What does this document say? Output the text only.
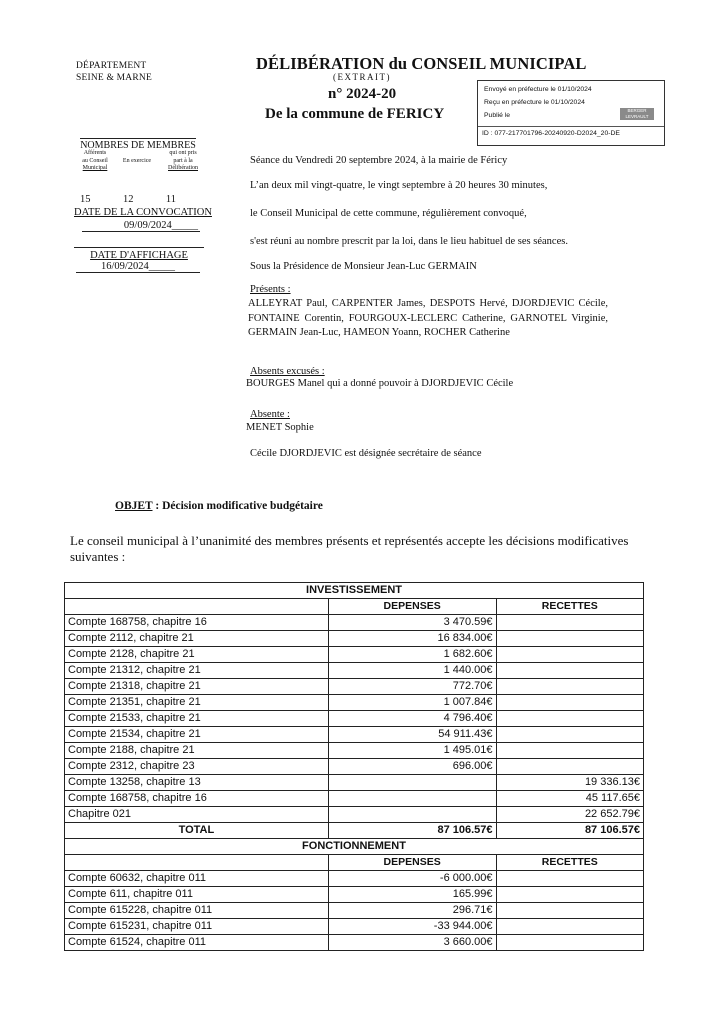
DÉPARTEMENT
SEINE & MARNE
NOMBRES DE MEMBRES
Afférents
au Conseil
Municipal

En exercice
qui ont pris
part à la
Délibération
15	12	11
DATE DE LA CONVOCATION
09/09/2024_____
DATE D'AFFICHAGE
16/09/2024_____
DÉLIBÉRATION du CONSEIL MUNICIPAL
(EXTRAIT)
n° 2024-20
De la commune de FERICY
Envoyé en préfecture le 01/10/2024
Reçu en préfecture le 01/10/2024
Publié le
BERGER LEVRAULT
ID : 077-217701796-20240920-D2024_20-DE
Séance du Vendredi 20 septembre 2024, à la mairie de Féricy
L’an deux mil vingt-quatre, le vingt septembre à 20 heures 30 minutes,
le Conseil Municipal de cette commune, régulièrement convoqué,
s'est réuni au nombre prescrit par la loi, dans le lieu habituel de ses séances.
Sous la Présidence de Monsieur Jean-Luc GERMAIN
Présents :
ALLEYRAT Paul, CARPENTER James, DESPOTS Hervé, DJORDJEVIC Cécile, FONTAINE Corentin, FOURGOUX-LECLERC Catherine, GARNOTEL Virginie, GERMAIN Jean-Luc, HAMEON Yoann, ROCHER Catherine
Absents excusés :
BOURGES Manel qui a donné pouvoir à DJORDJEVIC Cécile
Absente :
MENET Sophie
Cécile DJORDJEVIC est désignée secrétaire de séance
OBJET : Décision modificative budgétaire
Le conseil municipal à l’unanimité des membres présents et représentés accepte les décisions modificatives suivantes :
INVESTISSEMENT		
	DEPENSES	RECETTES
Compte 168758, chapitre 16	3 470.59€	
Compte 2112, chapitre 21	16 834.00€	
Compte 2128, chapitre 21	1 682.60€	
Compte 21312, chapitre 21	1 440.00€	
Compte 21318, chapitre 21	772.70€	
Compte 21351, chapitre 21	1 007.84€	
Compte 21533, chapitre 21	4 796.40€	
Compte 21534, chapitre 21	54 911.43€	
Compte 2188, chapitre 21	1 495.01€	
Compte 2312, chapitre 23	696.00€	
Compte 13258, chapitre 13		19 336.13€
Compte 168758, chapitre 16		45 117.65€
Chapitre 021		22 652.79€
TOTAL	87 106.57€	87 106.57€
FONCTIONNEMENT		
	DEPENSES	RECETTES
Compte 60632, chapitre 011	-6 000.00€	
Compte 611, chapitre 011	165.99€	
Compte 615228, chapitre 011	296.71€	
Compte 615231, chapitre 011	-33 944.00€	
Compte 61524, chapitre 011	3 660.00€	
